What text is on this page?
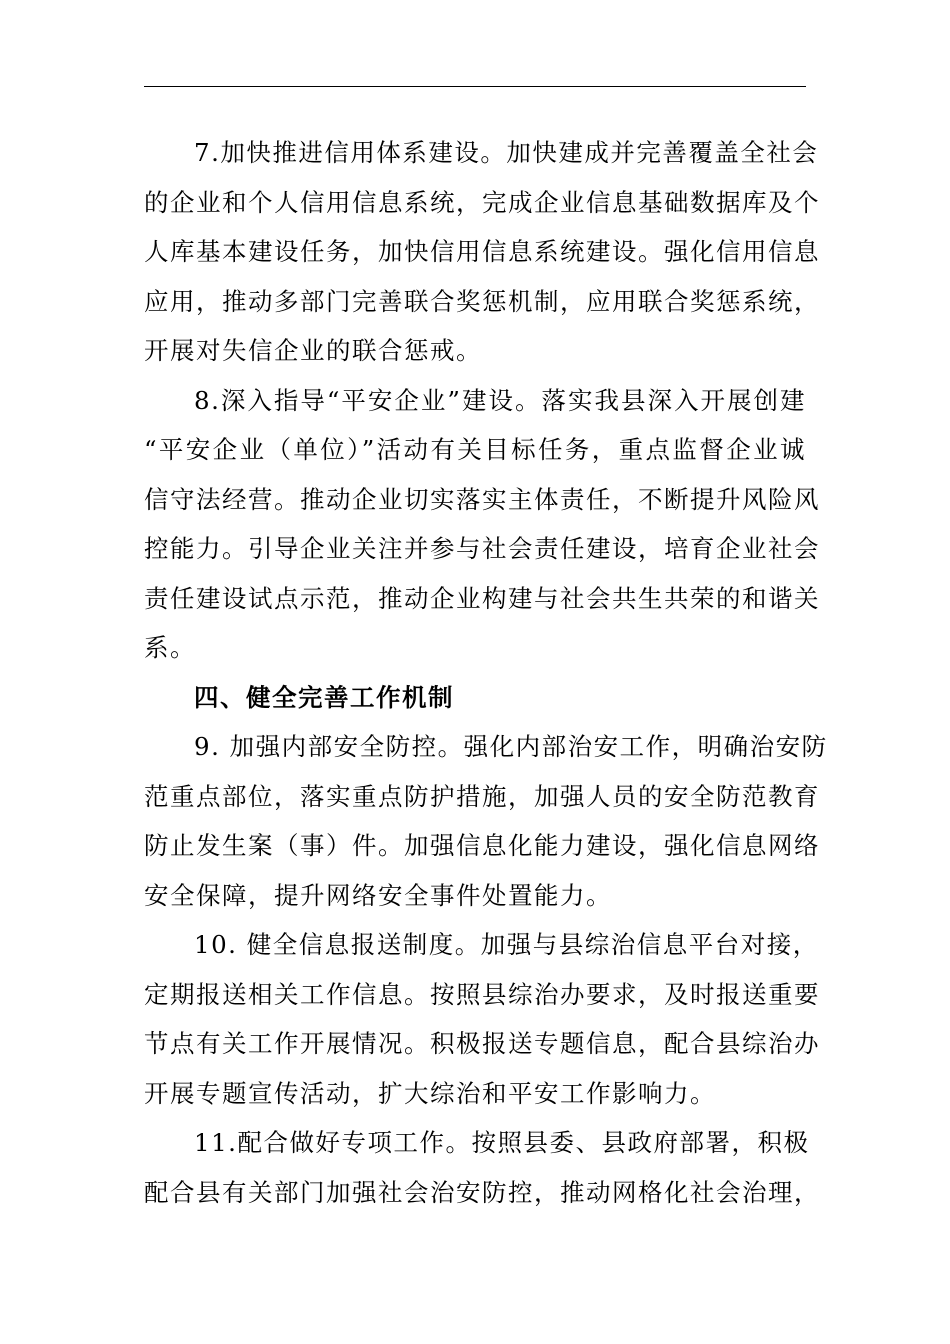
7.加快推进信用体系建设。加快建成并完善覆盖全社会
的企业和个人信用信息系统，完成企业信息基础数据库及个
人库基本建设任务，加快信用信息系统建设。强化信用信息
应用，推动多部门完善联合奖惩机制，应用联合奖惩系统，
开展对失信企业的联合惩戒。
8.深入指导“平安企业”建设。落实我县深入开展创建
“平安企业（单位）”活动有关目标任务，重点监督企业诚
信守法经营。推动企业切实落实主体责任，不断提升风险风
控能力。引导企业关注并参与社会责任建设，培育企业社会
责任建设试点示范，推动企业构建与社会共生共荣的和谐关
系。
四、健全完善工作机制
9. 加强内部安全防控。强化内部治安工作，明确治安防
范重点部位，落实重点防护措施，加强人员的安全防范教育
防止发生案（事）件。加强信息化能力建设，强化信息网络
安全保障，提升网络安全事件处置能力。
10. 健全信息报送制度。加强与县综治信息平台对接，
定期报送相关工作信息。按照县综治办要求，及时报送重要
节点有关工作开展情况。积极报送专题信息，配合县综治办
开展专题宣传活动，扩大综治和平安工作影响力。
11.配合做好专项工作。按照县委、县政府部署，积极
配合县有关部门加强社会治安防控，推动网格化社会治理，
